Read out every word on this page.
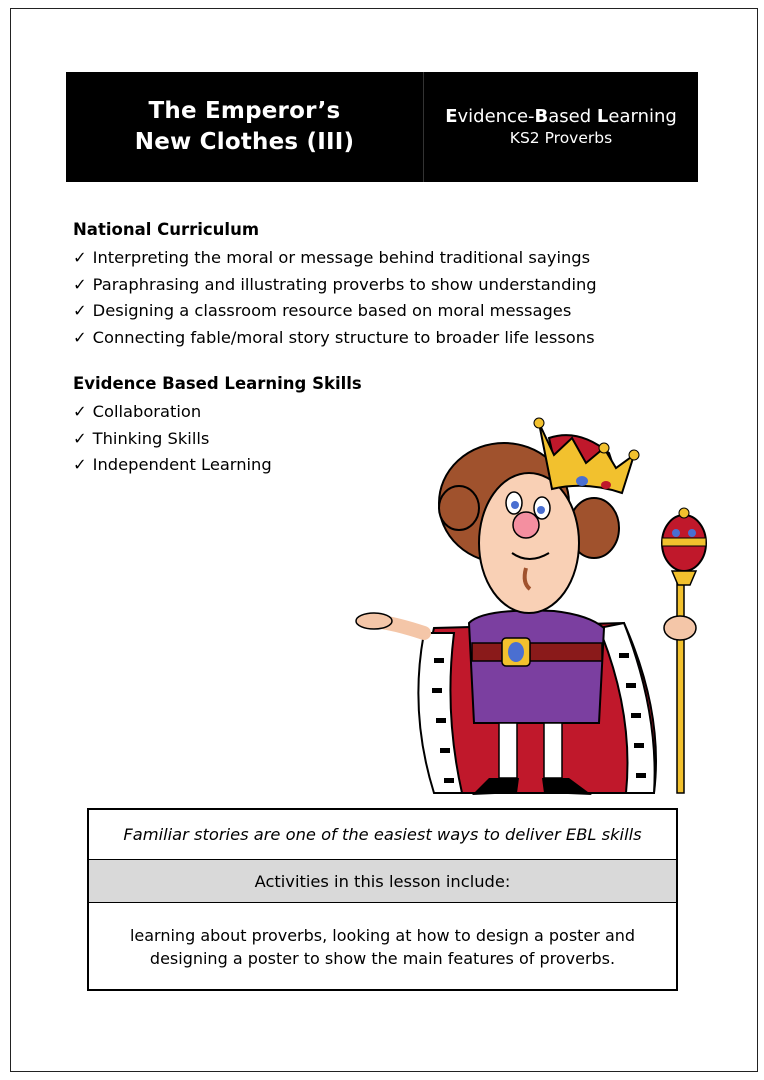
The Emperor’s
New Clothes (III)
Evidence-Based Learning
KS2 Proverbs
National Curriculum
✓ Interpreting the moral or message behind traditional sayings
✓ Paraphrasing and illustrating proverbs to show understanding
✓ Designing a classroom resource based on moral messages
✓ Connecting fable/moral story structure to broader life lessons
Evidence Based Learning Skills
✓ Collaboration
✓ Thinking Skills
✓ Independent Learning
Familiar stories are one of the easiest ways to deliver EBL skills
Activities in this lesson include:
learning about proverbs, looking at how to design a poster and designing a poster to show the main features of proverbs.
